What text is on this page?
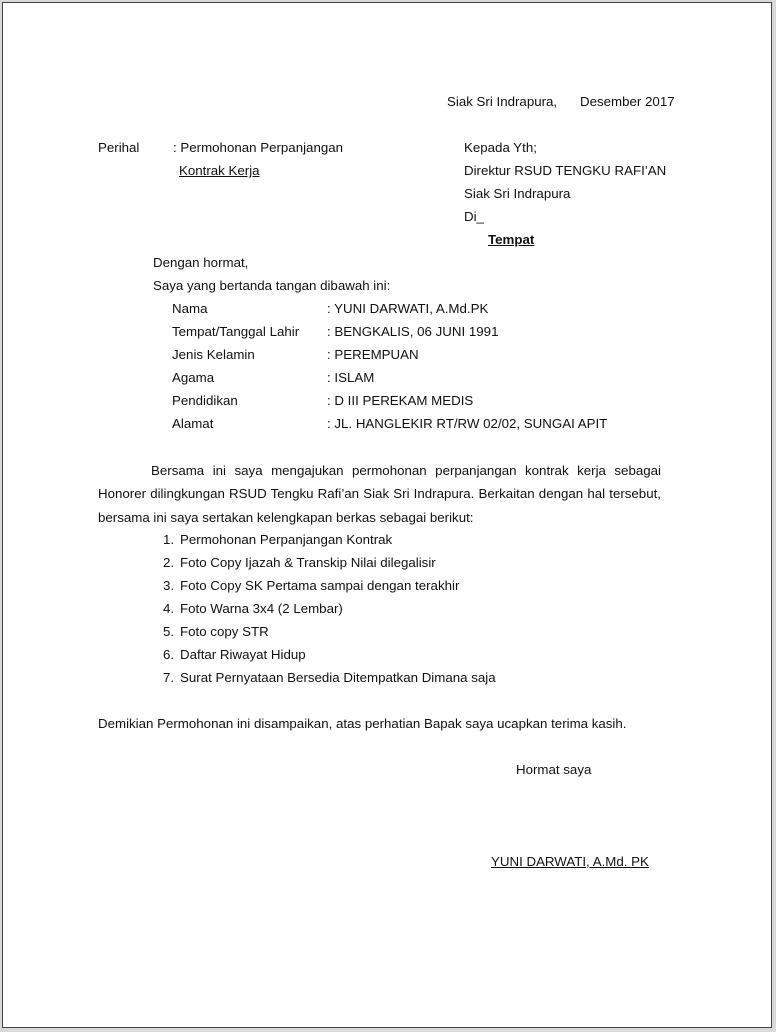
Siak Sri Indrapura, Desember 2017
Perihal	: Permohonan Perpanjangan
Kontrak Kerja
Kepada Yth;
Direktur RSUD TENGKU RAFI’AN
Siak Sri Indrapura
Di_
Tempat
Dengan hormat,
Saya yang bertanda tangan dibawah ini:
Nama	: YUNI DARWATI, A.Md.PK
Tempat/Tanggal Lahir : BENGKALIS, 06 JUNI 1991
Jenis Kelamin	: PEREMPUAN
Agama	: ISLAM
Pendidikan	: D III PEREKAM MEDIS
Alamat	: JL. HANGLEKIR RT/RW 02/02, SUNGAI APIT
Bersama ini saya mengajukan permohonan perpanjangan kontrak kerja sebagai Honorer dilingkungan RSUD Tengku Rafi’an Siak Sri Indrapura. Berkaitan dengan hal tersebut, bersama ini saya sertakan kelengkapan berkas sebagai berikut:
1. Permohonan Perpanjangan Kontrak
2. Foto Copy Ijazah & Transkip Nilai dilegalisir
3. Foto Copy SK Pertama sampai dengan terakhir
4. Foto Warna 3x4 (2 Lembar)
5. Foto copy STR
6. Daftar Riwayat Hidup
7. Surat Pernyataan Bersedia Ditempatkan Dimana saja
Demikian Permohonan ini disampaikan, atas perhatian Bapak saya ucapkan terima kasih.
Hormat saya
YUNI DARWATI, A.Md. PK
